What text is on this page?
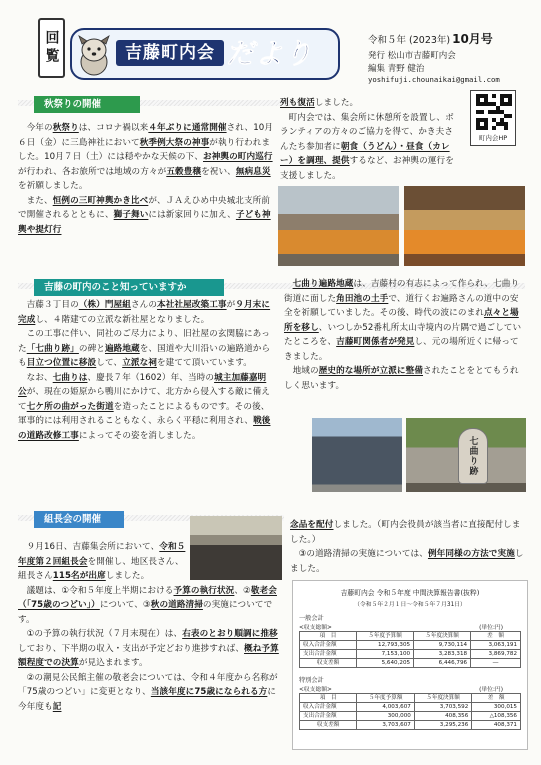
回覧	吉藤町内会 だより	令和５年 (2023年) 10月号
発行 松山市吉藤町内会
編集 青野 健治
yoshifuji.chounaikai@gmail.com
秋祭りの開催

今年の秋祭りは、コロナ禍以来４年ぶりに通常開催され、10月６日（金）に三島神社において秋季例大祭の神事が執り行われました。10月７日（土）には穏やかな天候の下、お神輿の町内巡行が行われ、各お旅所では地域の方々が五穀豊穣を祝い、無病息災を祈願しました。

また、恒例の三町神輿かき比べが、ＪＡえひめ中央城北支所前で開催されるとともに、獅子舞いには新家回りに加え、子ども神輿や提灯行

列も復活しました。

町内会では、集会所に休憩所を設置し、ボランティアの方々のご協力を得て、かき夫さんたち参加者に朝食（うどん）・昼食（カレー）を調理、提供するなど、お神輿の運行を支援しました。

町内会HP
吉藤の町内のこと知っていますか

吉藤３丁目の（株）門屋組さんの本社社屋改築工事が９月末に完成し、４階建ての立派な新社屋となりました。

この工事に伴い、同社のご尽力により、旧社屋の玄関脇にあった「七曲り跡」の碑と遍路地蔵を、国道や大川沿いの遍路道からも目立つ位置に移設して、立派な祠を建てて頂いています。

なお、七曲りは、慶長７年（1602）年、当時の城主加藤嘉明公が、現在の姫原から鴨川にかけて、北方から侵入する敵に備えて七ケ所の曲がった街道を造ったことによるものです。その後、軍事的には利用されることもなく、永らく平穏に利用され、戦後の道路改修工事によってその姿を消しました。

七曲り遍路地蔵は、吉藤村の有志によって作られ、七曲り街道に面した角田池の土手で、道行くお遍路さんの道中の安全を祈願していました。その後、時代の波にのまれ点々と場所を移し、いつしか52番札所太山寺境内の片隅で過ごしていたところを、吉藤町関係者が発見し、元の場所近くに帰ってきました。

地域の歴史的な場所が立派に整備されたことをとてもうれしく思います。

七曲り跡
組長会の開催

９月16日、吉藤集会所において、令和５年度第２回組長会を開催し、地区長さん、組長さん115名が出席しました。

議題は、①令和５年度上半期における予算の執行状況、②敬老会（「75歳のつどい」）について、③秋の道路清掃の実施についてです。

①の予算の執行状況（７月末現在）は、右表のとおり順調に推移しており、下半期の収入・支出が予定どおり進捗すれば、概ね予算額程度での決算が見込まれます。

②の潮見公民館主催の敬老会については、令和４年度から名称が「75歳のつどい」に変更となり、当該年度に75歳になられる方に今年度も記

念品を配付しました。（町内会役員が該当者に直接配付しました。）

③の道路清掃の実施については、例年同様の方法で実施しました。

吉藤町内会 令和５年度 中間決算報告書(抜粋)
（令和５年２月１日～令和５年７月31日）
一般会計
<収支総額>	(単位:円)
項　目	５年度予算額	５年度決算額	差　額
収入合計金額	12,793,305	9,730,114	3,063,191
支出合計金額	7,153,100	3,283,318	3,869,782
収支差額	5,640,205	6,446,796	―
特別会計
<収支総額>	(単位:円)
項　目	５年度予算額	５年度決算額	差　額
収入合計金額	4,003,607	3,703,592	300,015
支出合計金額	300,000	408,356	△108,356
収支差額	3,703,607	3,295,236	408,371
